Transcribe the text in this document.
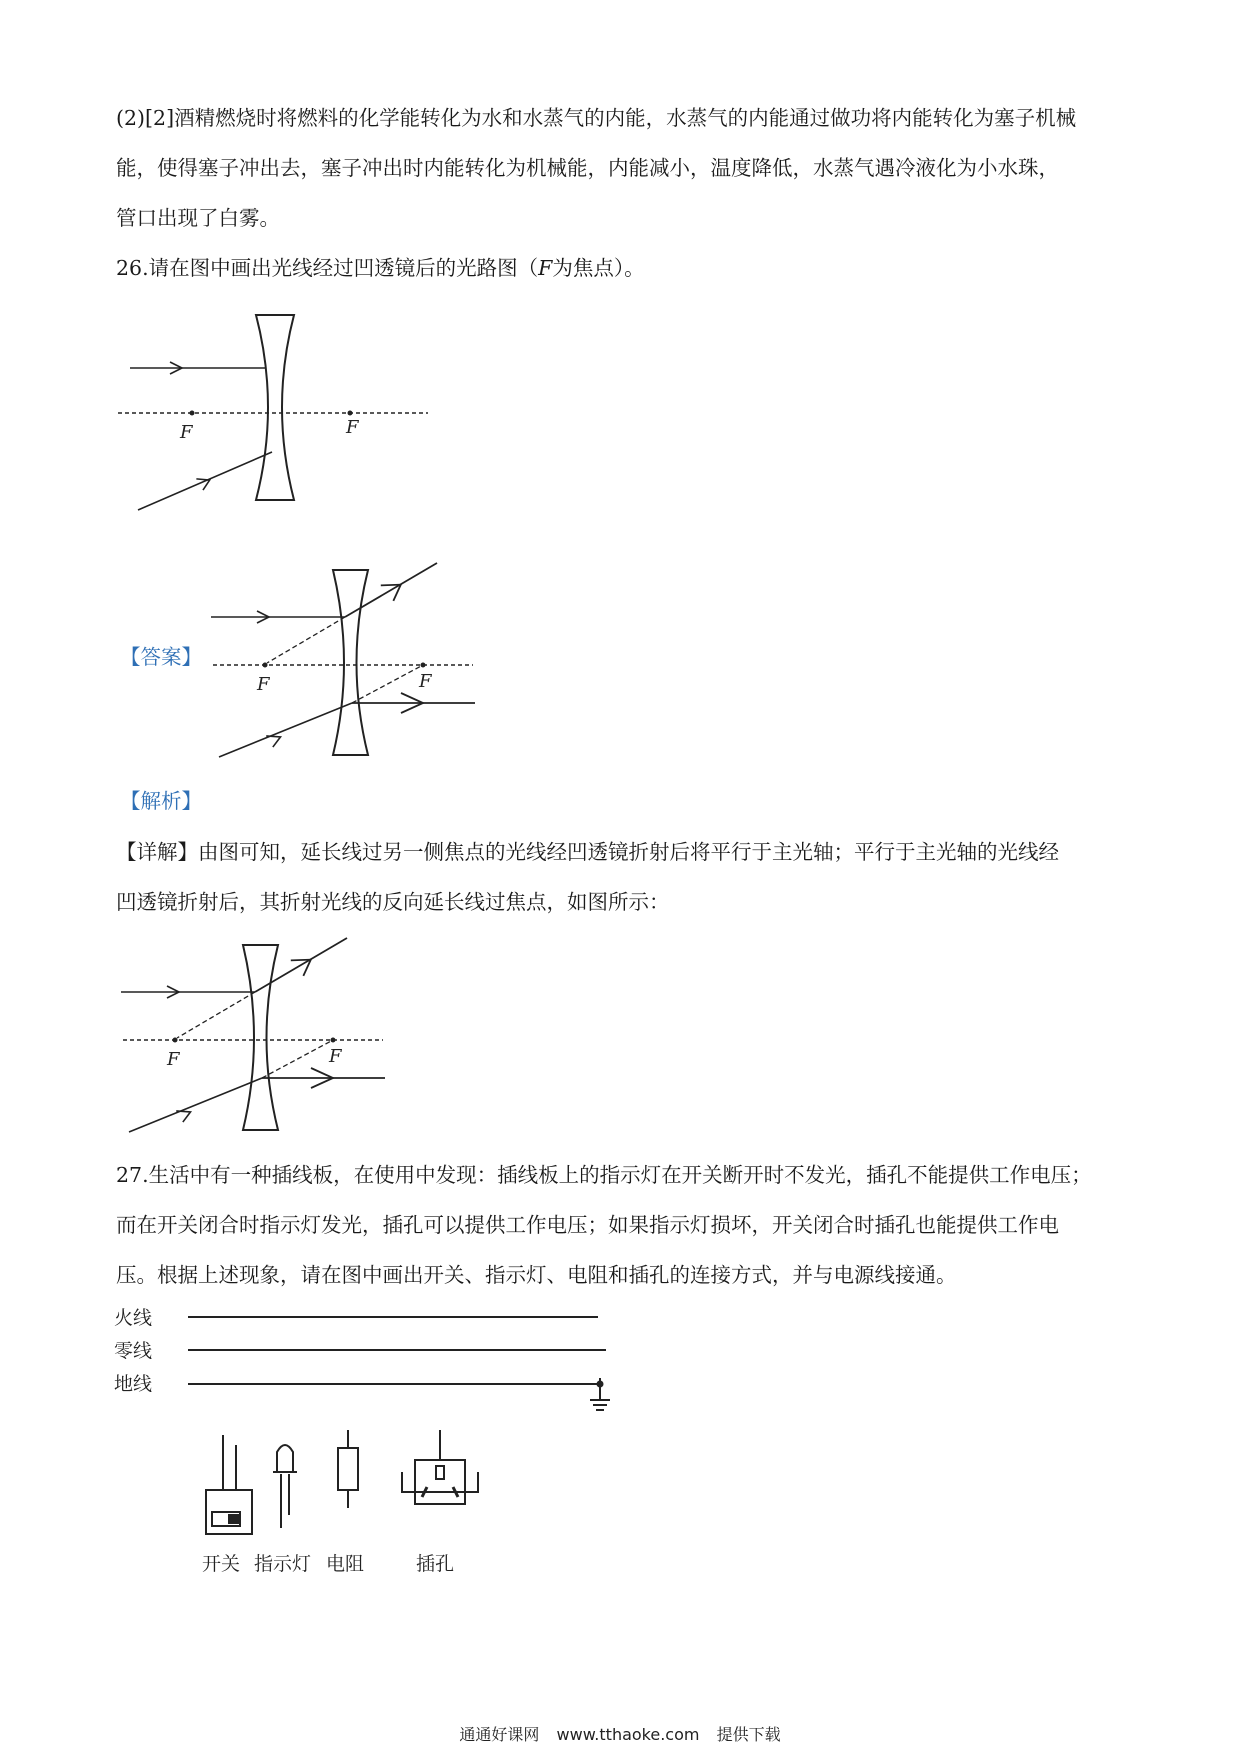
(2)[2]酒精燃烧时将燃料的化学能转化为水和水蒸气的内能，水蒸气的内能通过做功将内能转化为塞子机械
能，使得塞子冲出去，塞子冲出时内能转化为机械能，内能减小，温度降低，水蒸气遇冷液化为小水珠，
管口出现了白雾。
26.请在图中画出光线经过凹透镜后的光路图（F为焦点）。
F	F
【答案】
F	F
【解析】
【详解】由图可知，延长线过另一侧焦点的光线经凹透镜折射后将平行于主光轴；平行于主光轴的光线经
凹透镜折射后，其折射光线的反向延长线过焦点，如图所示：
F	F
27.生活中有一种插线板，在使用中发现：插线板上的指示灯在开关断开时不发光，插孔不能提供工作电压；
而在开关闭合时指示灯发光，插孔可以提供工作电压；如果指示灯损坏，开关闭合时插孔也能提供工作电
压。根据上述现象，请在图中画出开关、指示灯、电阻和插孔的连接方式，并与电源线接通。
火线
零线
地线
开关 指示灯 电阻	插孔
通通好课网 www.tthaoke.com 提供下载
